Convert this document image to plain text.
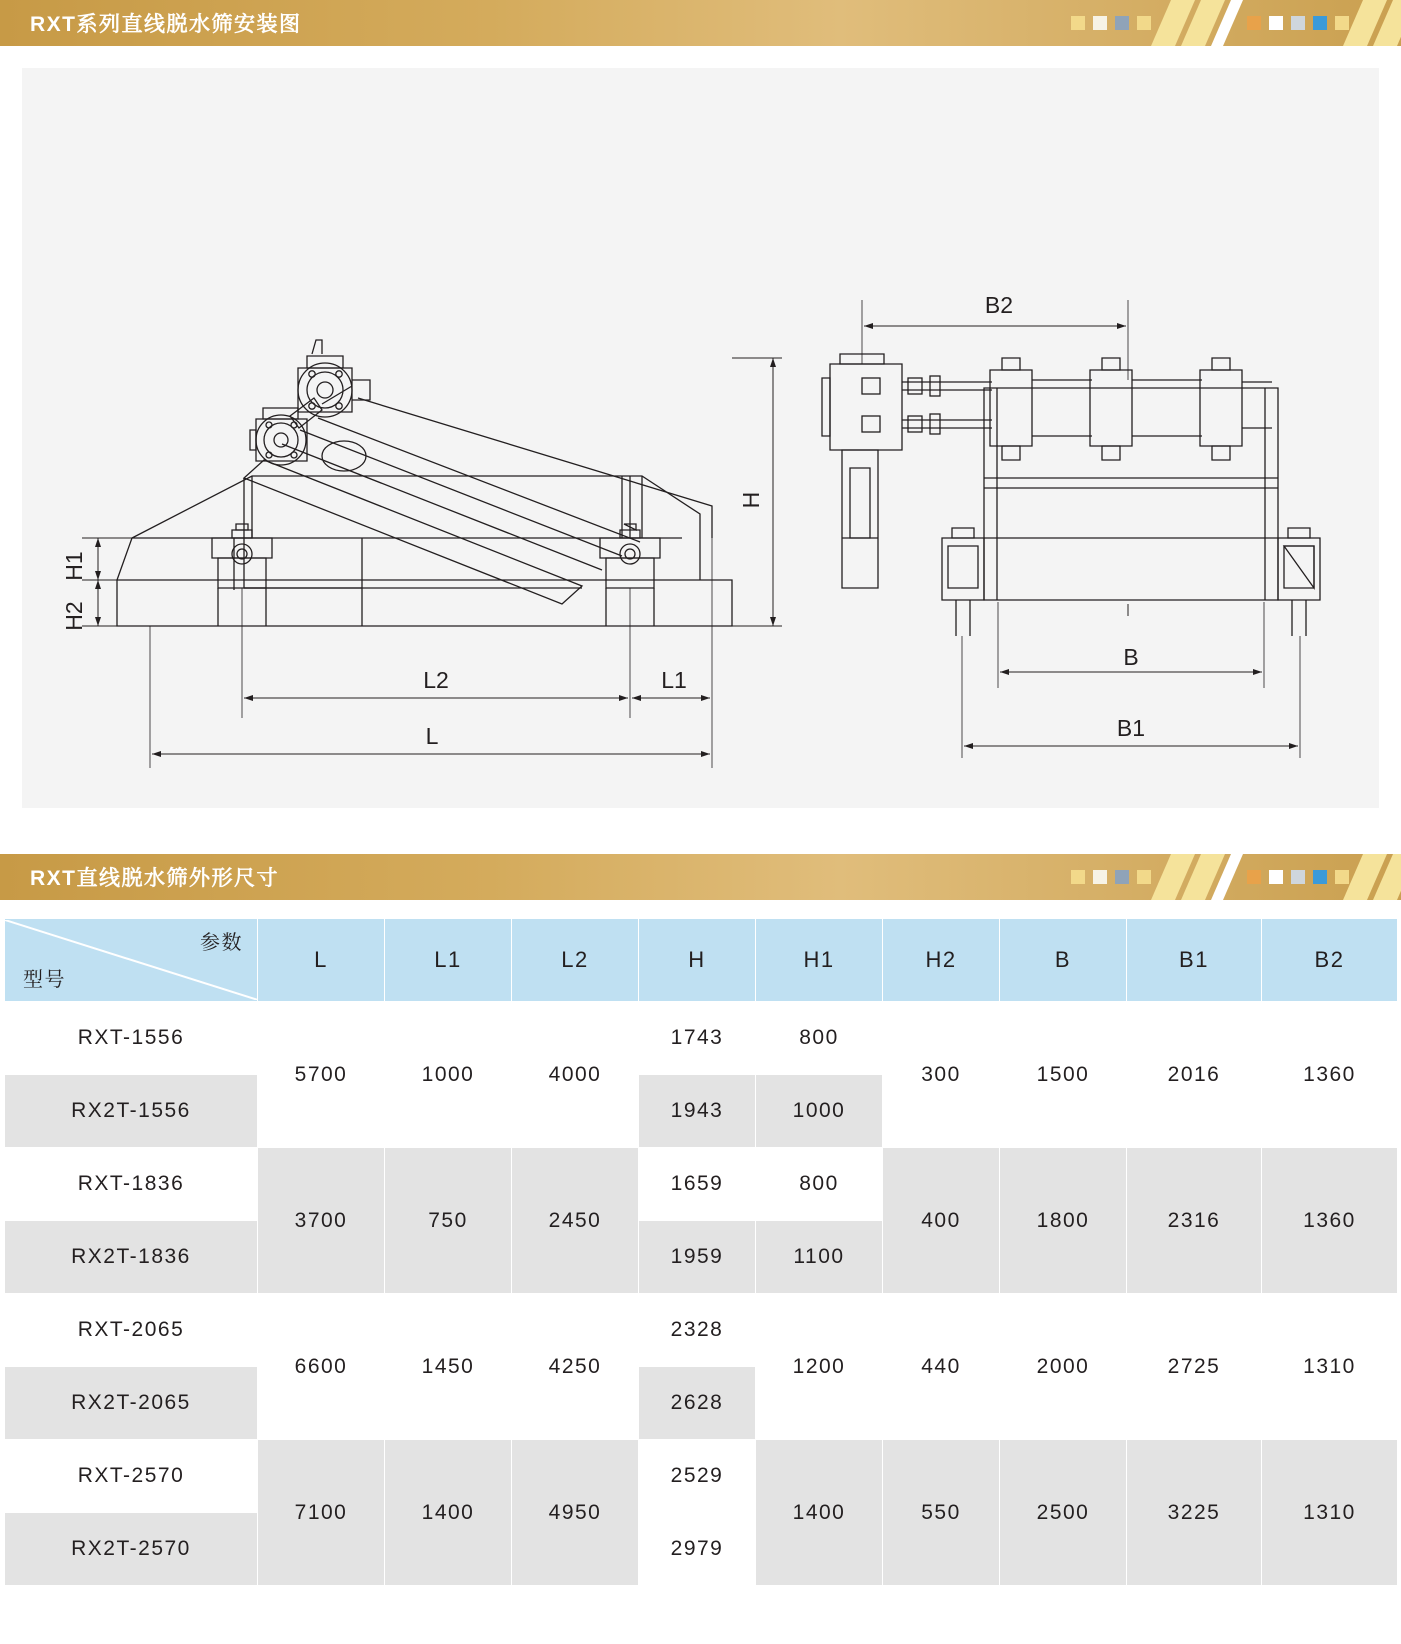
RXT系列直线脱水筛安装图
H
H1
H2
L2	L1
L
B2
B
B1
RXT直线脱水筛外形尺寸
参数
型号	L	L1	L2	H	H1	H2	B	B1	B2
RXT-1556	5700	1000	4000	1743	800	300	1500	2016	1360
RX2T-1556				1943	1000				
RXT-1836	3700	750	2450	1659	800	400	1800	2316	1360
RX2T-1836				1959	1100				
RXT-2065	6600	1450	4250	2328	1200	440	2000	2725	1310
RX2T-2065				2628					
RXT-2570	7100	1400	4950	2529	1400	550	2500	3225	1310
RX2T-2570				2979					
